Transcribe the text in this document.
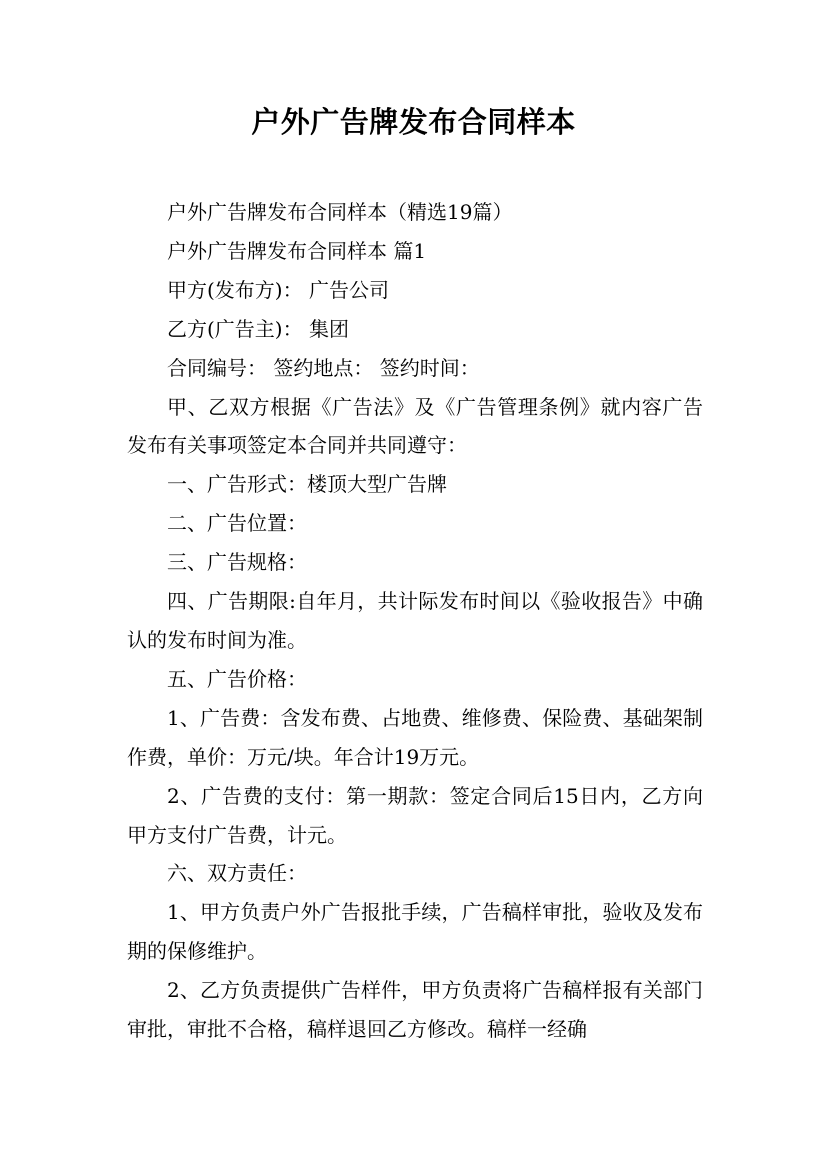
户外广告牌发布合同样本

户外广告牌发布合同样本（精选19篇）

户外广告牌发布合同样本 篇1

甲方(发布方)： 广告公司

乙方(广告主)： 集团

合同编号： 签约地点： 签约时间：

甲、乙双方根据《广告法》及《广告管理条例》就内容广告发布有关事项签定本合同并共同遵守：

一、广告形式：楼顶大型广告牌

二、广告位置：

三、广告规格：

四、广告期限:自年月，共计际发布时间以《验收报告》中确认的发布时间为准。

五、广告价格：

1、广告费：含发布费、占地费、维修费、保险费、基础架制作费，单价：万元/块。年合计19万元。

2、广告费的支付：第一期款：签定合同后15日内，乙方向甲方支付广告费，计元。

六、双方责任：

1、甲方负责户外广告报批手续，广告稿样审批，验收及发布期的保修维护。

2、乙方负责提供广告样件，甲方负责将广告稿样报有关部门审批，审批不合格，稿样退回乙方修改。稿样一经确
